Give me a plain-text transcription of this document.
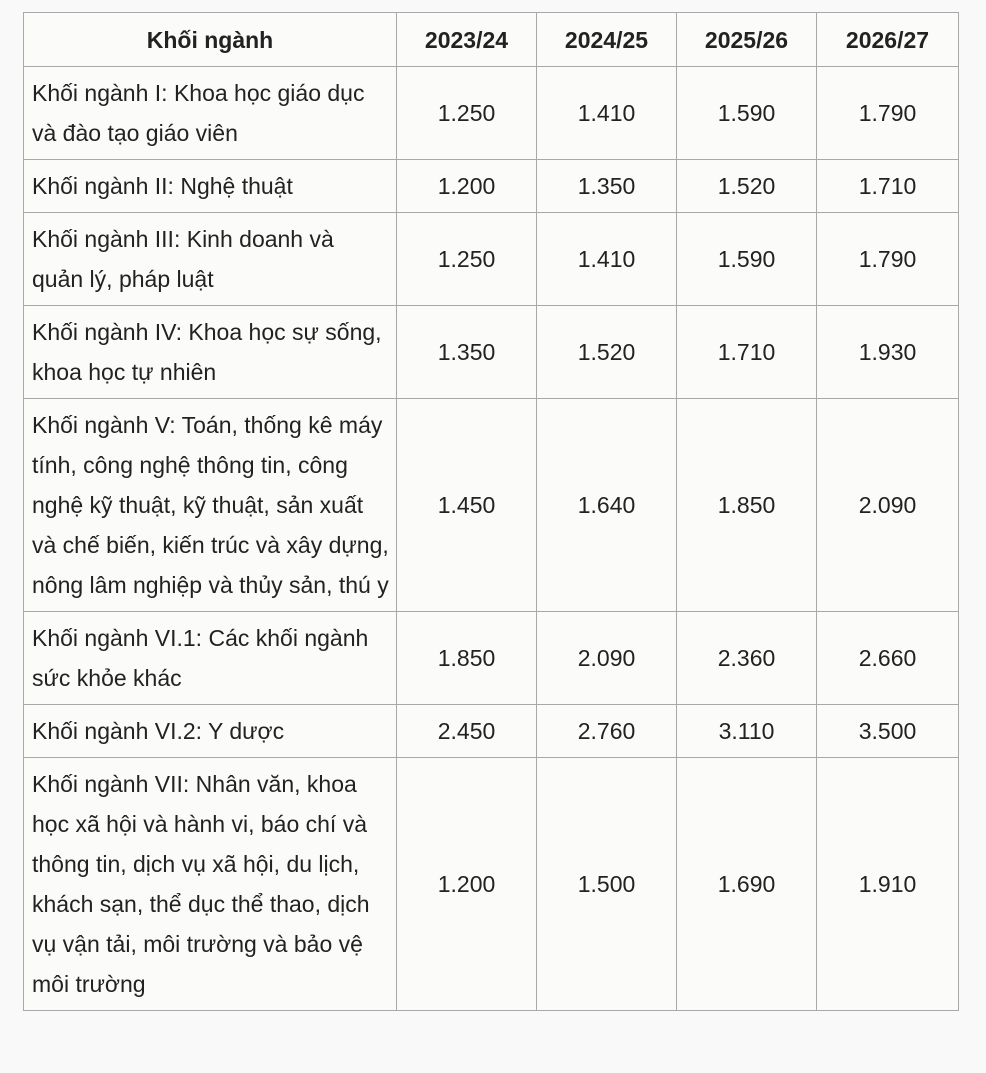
Khối ngành	2023/24	2024/25	2025/26	2026/27
Khối ngành I: Khoa học giáo dục và đào tạo giáo viên	1.250	1.410	1.590	1.790
Khối ngành II: Nghệ thuật	1.200	1.350	1.520	1.710
Khối ngành III: Kinh doanh và quản lý, pháp luật	1.250	1.410	1.590	1.790
Khối ngành IV: Khoa học sự sống, khoa học tự nhiên	1.350	1.520	1.710	1.930
Khối ngành V: Toán, thống kê máy tính, công nghệ thông tin, công nghệ kỹ thuật, kỹ thuật, sản xuất và chế biến, kiến trúc và xây dựng, nông lâm nghiệp và thủy sản, thú y	1.450	1.640	1.850	2.090
Khối ngành VI.1: Các khối ngành sức khỏe khác	1.850	2.090	2.360	2.660
Khối ngành VI.2: Y dược	2.450	2.760	3.110	3.500
Khối ngành VII: Nhân văn, khoa học xã hội và hành vi, báo chí và thông tin, dịch vụ xã hội, du lịch, khách sạn, thể dục thể thao, dịch vụ vận tải, môi trường và bảo vệ môi trường	1.200	1.500	1.690	1.910
